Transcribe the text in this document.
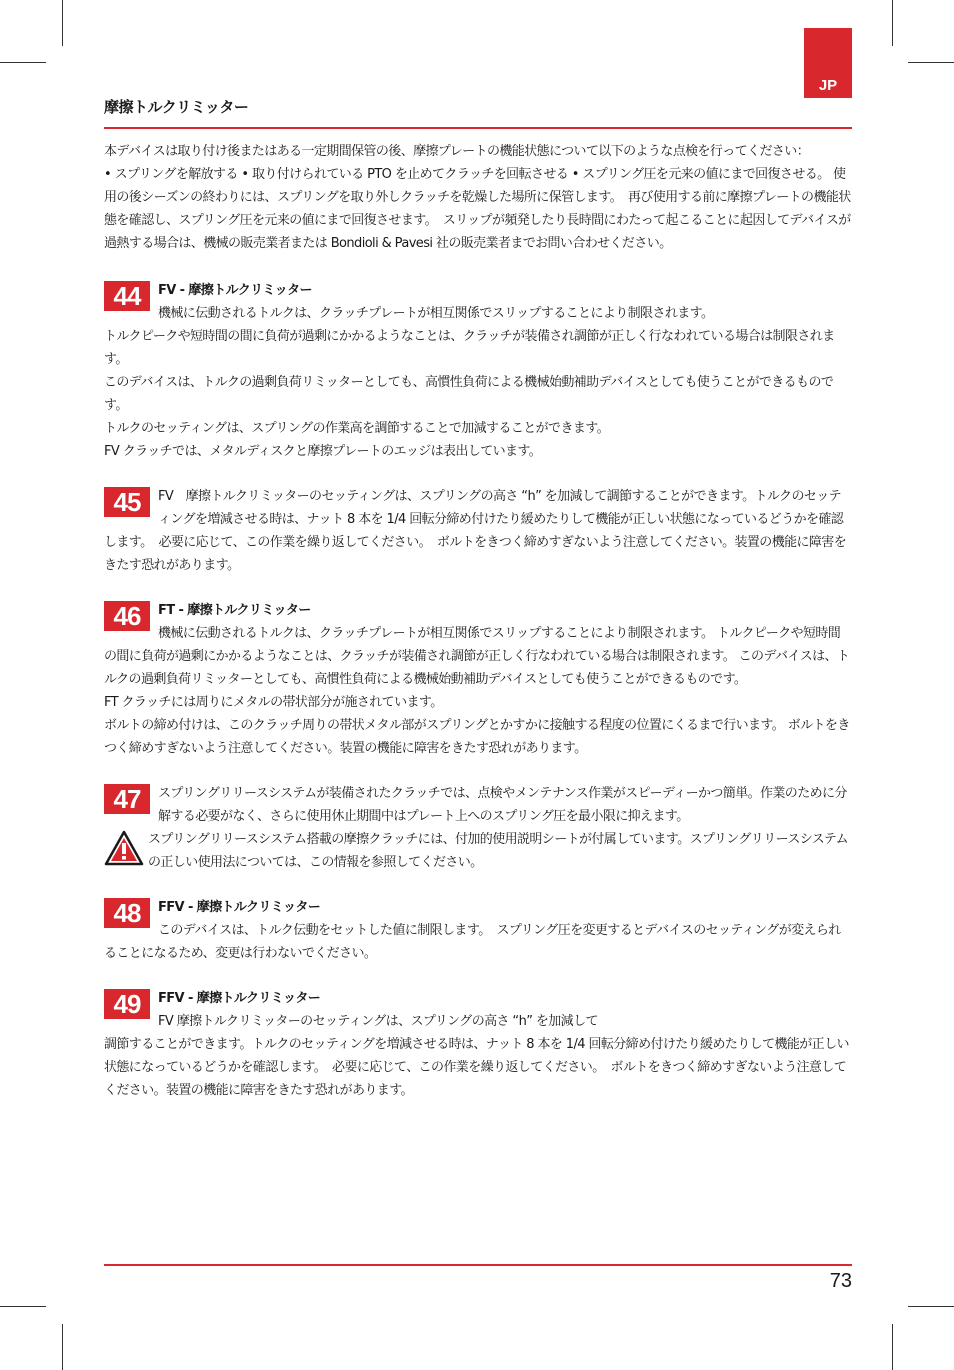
JP
摩擦トルクリミッター

本デバイスは取り付け後またはある一定期間保管の後、摩擦プレートの機能状態について以下のような点検を行ってください：

• スプリングを解放する • 取り付けられている PTO を止めてクラッチを回転させる • スプリング圧を元来の値にまで回復させる。 使用の後シーズンの終わりには、スプリングを取り外しクラッチを乾燥した場所に保管します。　再び使用する前に摩擦プレートの機能状態を確認し、スプリング圧を元来の値にまで回復させます。　スリップが頻発したり長時間にわたって起こることに起因してデバイスが過熱する場合は、機械の販売業者または Bondioli & Pavesi 社の販売業者までお問い合わせください。

44	FV - 摩擦トルクリミッター

機械に伝動されるトルクは、クラッチプレートが相互関係でスリップすることにより制限されます。

トルクピークや短時間の間に負荷が過剰にかかるようなことは、クラッチが装備され調節が正しく行なわれている場合は制限されます。

このデバイスは、トルクの過剰負荷リミッターとしても、高慣性負荷による機械始動補助デバイスとしても使うことができるものです。

トルクのセッティングは、スプリングの作業高を調節することで加減することができます。

FV クラッチでは、メタルディスクと摩擦プレートのエッジは表出しています。

45	FV　摩擦トルクリミッターのセッティングは、スプリングの高さ “h” を加減して調節することができます。トルクのセッティングを増減させる時は、ナット 8 本を 1/4 回転分締め付けたり緩めたりして機能が正しい状態になっているどうかを確認します。　必要に応じて、この作業を繰り返してください。　ボルトをきつく締めすぎないよう注意してください。装置の機能に障害をきたす恐れがあります。

46	FT - 摩擦トルクリミッター

機械に伝動されるトルクは、クラッチプレートが相互関係でスリップすることにより制限されます。 トルクピークや短時間の間に負荷が過剰にかかるようなことは、クラッチが装備され調節が正しく行なわれている場合は制限されます。 このデバイスは、トルクの過剰負荷リミッターとしても、高慣性負荷による機械始動補助デバイスとしても使うことができるものです。

FT クラッチには周りにメタルの帯状部分が施されています。

ボルトの締め付けは、このクラッチ周りの帯状メタル部がスプリングとかすかに接触する程度の位置にくるまで行います。 ボルトをきつく締めすぎないよう注意してください。装置の機能に障害をきたす恐れがあります。

47	スプリングリリースシステムが装備されたクラッチでは、点検やメンテナンス作業がスピーディーかつ簡単。作業のために分解する必要がなく、さらに使用休止期間中はプレート上へのスプリング圧を最小限に抑えます。

スプリングリリースシステム搭載の摩擦クラッチには、付加的使用説明シートが付属しています。スプリングリリースシステムの正しい使用法については、この情報を参照してください。

48	FFV - 摩擦トルクリミッター

このデバイスは、トルク伝動をセットした値に制限します。　スプリング圧を変更するとデバイスのセッティングが変えられることになるため、変更は行わないでください。

49	FFV - 摩擦トルクリミッター

FV 摩擦トルクリミッターのセッティングは、スプリングの高さ “h” を加減して

調節することができます。トルクのセッティングを増減させる時は、ナット 8 本を 1/4 回転分締め付けたり緩めたりして機能が正しい状態になっているどうかを確認します。　必要に応じて、この作業を繰り返してください。　ボルトをきつく締めすぎないよう注意してください。装置の機能に障害をきたす恐れがあります。

73
